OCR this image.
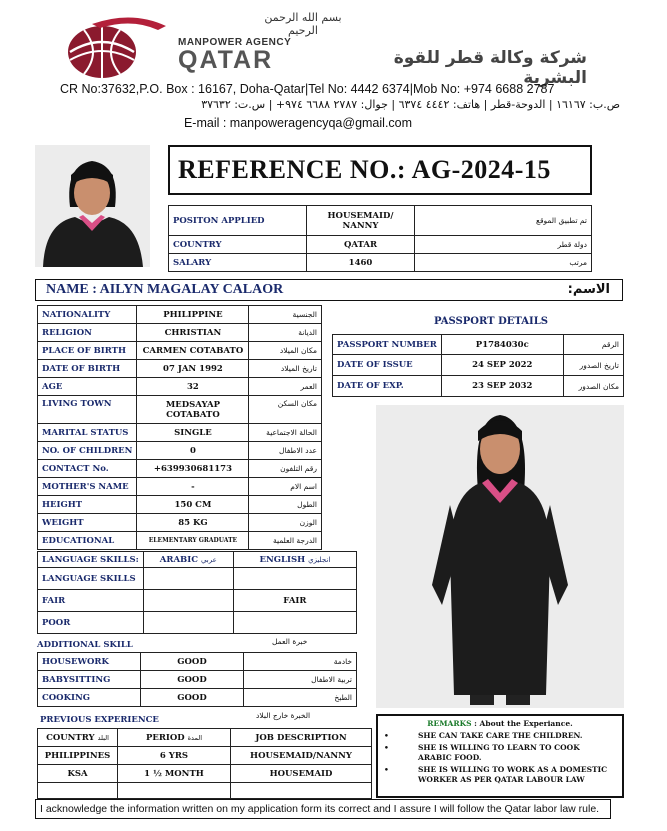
بسم الله الرحمن الرحيم
MANPOWER AGENCY
QATAR	شركة وكالة قطر للقوة البشرية
CR No:37632,P.O. Box : 16167, Doha-Qatar|Tel No: 4442 6374|Mob No: +974 6688 2787
ص.ب: ١٦١٦٧ | الدوحة-قطر | هاتف: ٤٤٤٢ ٦٣٧٤ | جوال: ٢٧٨٧ ٦٦٨٨ ٩٧٤+ | س.ت: ٣٧٦٣٢
E-mail : manpoweragencyqa@gmail.com
REFERENCE NO.: AG-2024-15
POSITON APPLIED	HOUSEMAID/ NANNY	تم تطبيق الموقع
COUNTRY	QATAR	دولة قطر
SALARY	1460	مرتب
NAME : AILYN MAGALAY CALAOR	الاسم:
NATIONALITY	PHILIPPINE	الجنسية
RELIGION	CHRISTIAN	الديانة
PLACE OF BIRTH	CARMEN COTABATO	مكان الميلاد
DATE OF BIRTH	07 JAN 1992	تاريخ الميلاد
AGE	32	العمر
LIVING TOWN	MEDSAYAP COTABATO	مكان السكن
MARITAL STATUS	SINGLE	الحالة الاجتماعية
NO. OF CHILDREN	0	عدد الاطفال
CONTACT No.	+639930681173	رقم التلفون
MOTHER'S NAME	-	اسم الام
HEIGHT	150 CM	الطول
WEIGHT	85 KG	الوزن
EDUCATIONAL	ELEMENTARY GRADUATE	الدرجة العلمية
PASSPORT DETAILS
PASSPORT NUMBER	P1784030c	الرقم
DATE OF ISSUE	24 SEP 2022	تاريخ الصدور
DATE OF EXP.	23 SEP 2032	مكان الصدور
LANGUAGE SKILLS:	ARABIC عربي	ENGLISH انجليزي
LANGUAGE SKILLS		
FAIR		FAIR
POOR		
ADDITIONAL SKILL	خبرة العمل
HOUSEWORK	GOOD	خادمة
BABYSITTING	GOOD	تربية الاطفال
COOKING	GOOD	الطبخ
PREVIOUS EXPERIENCE	الخبرة خارج البلاد
COUNTRY البلد	PERIOD المدة	JOB DESCRIPTION
PHILIPPINES	6 YRS	HOUSEMAID/NANNY
KSA	1 ½ MONTH	HOUSEMAID

REMARKS : About the Experiance.
• SHE CAN TAKE CARE THE CHILDREN.
• SHE IS WILLING TO LEARN TO COOK ARABIC FOOD.
• SHE IS WILLING TO WORK AS A DOMESTIC WORKER AS PER QATAR LABOUR LAW
I acknowledge the information written on my application form its correct and I assure I will follow the Qatar labor law rule.
